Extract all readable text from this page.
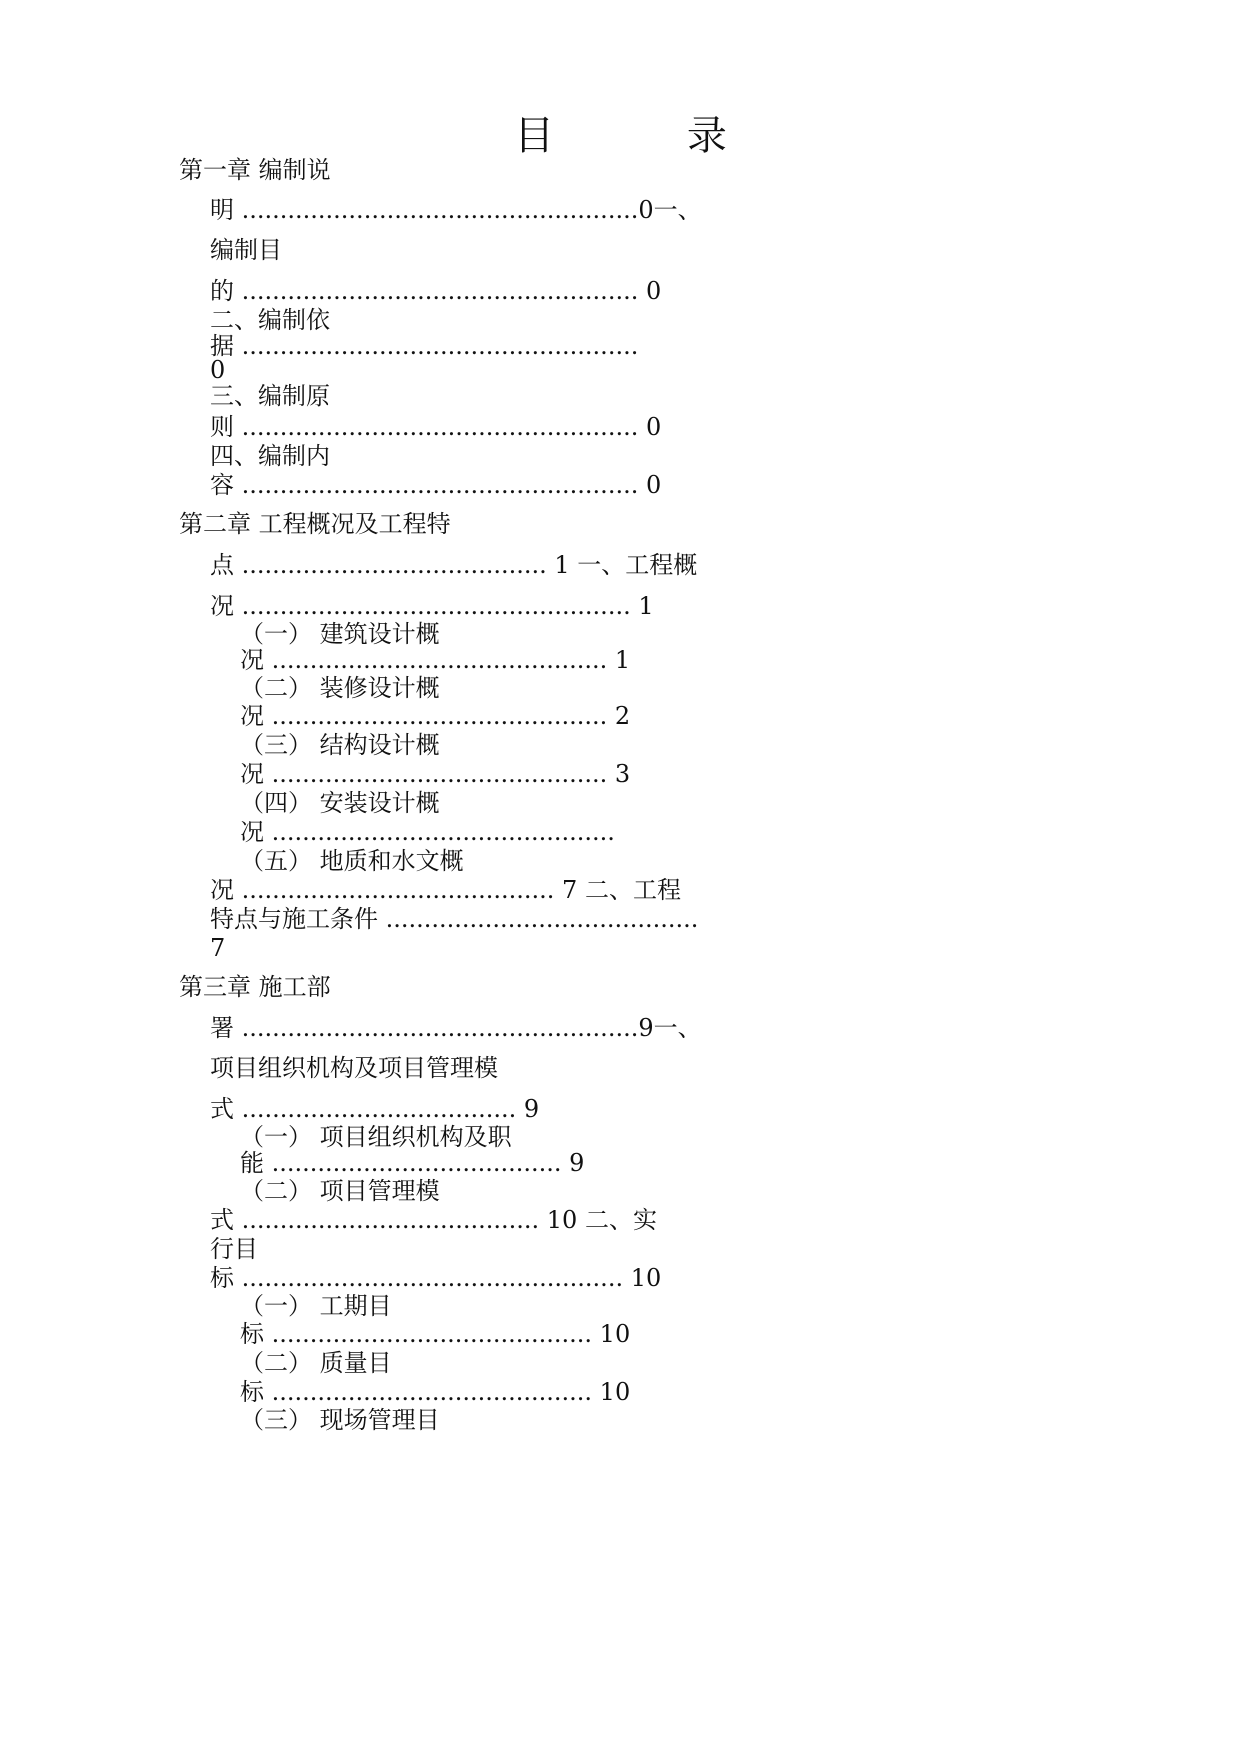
目 录
第一章 编制说
明 ....................................................0一、
编制目
的 .................................................... 0
二、编制依
据 ....................................................
0
三、编制原
则 .................................................... 0
四、编制内
容 .................................................... 0
第二章 工程概况及工程特
点 ........................................ 1 一、工程概
况 ................................................... 1
（一） 建筑设计概
况 ............................................ 1
（二） 装修设计概
况 ............................................ 2
（三） 结构设计概
况 ............................................ 3
（四） 安装设计概
况 .............................................
（五） 地质和水文概
况 ......................................... 7 二、工程
特点与施工条件 .........................................
7
第三章 施工部
署 ....................................................9一、
项目组织机构及项目管理模
式 .................................... 9
（一） 项目组织机构及职
能 ...................................... 9
（二） 项目管理模
式 ....................................... 10 二、实
行目
标 .................................................. 10
（一） 工期目
标 .......................................... 10
（二） 质量目
标 .......................................... 10
（三） 现场管理目
